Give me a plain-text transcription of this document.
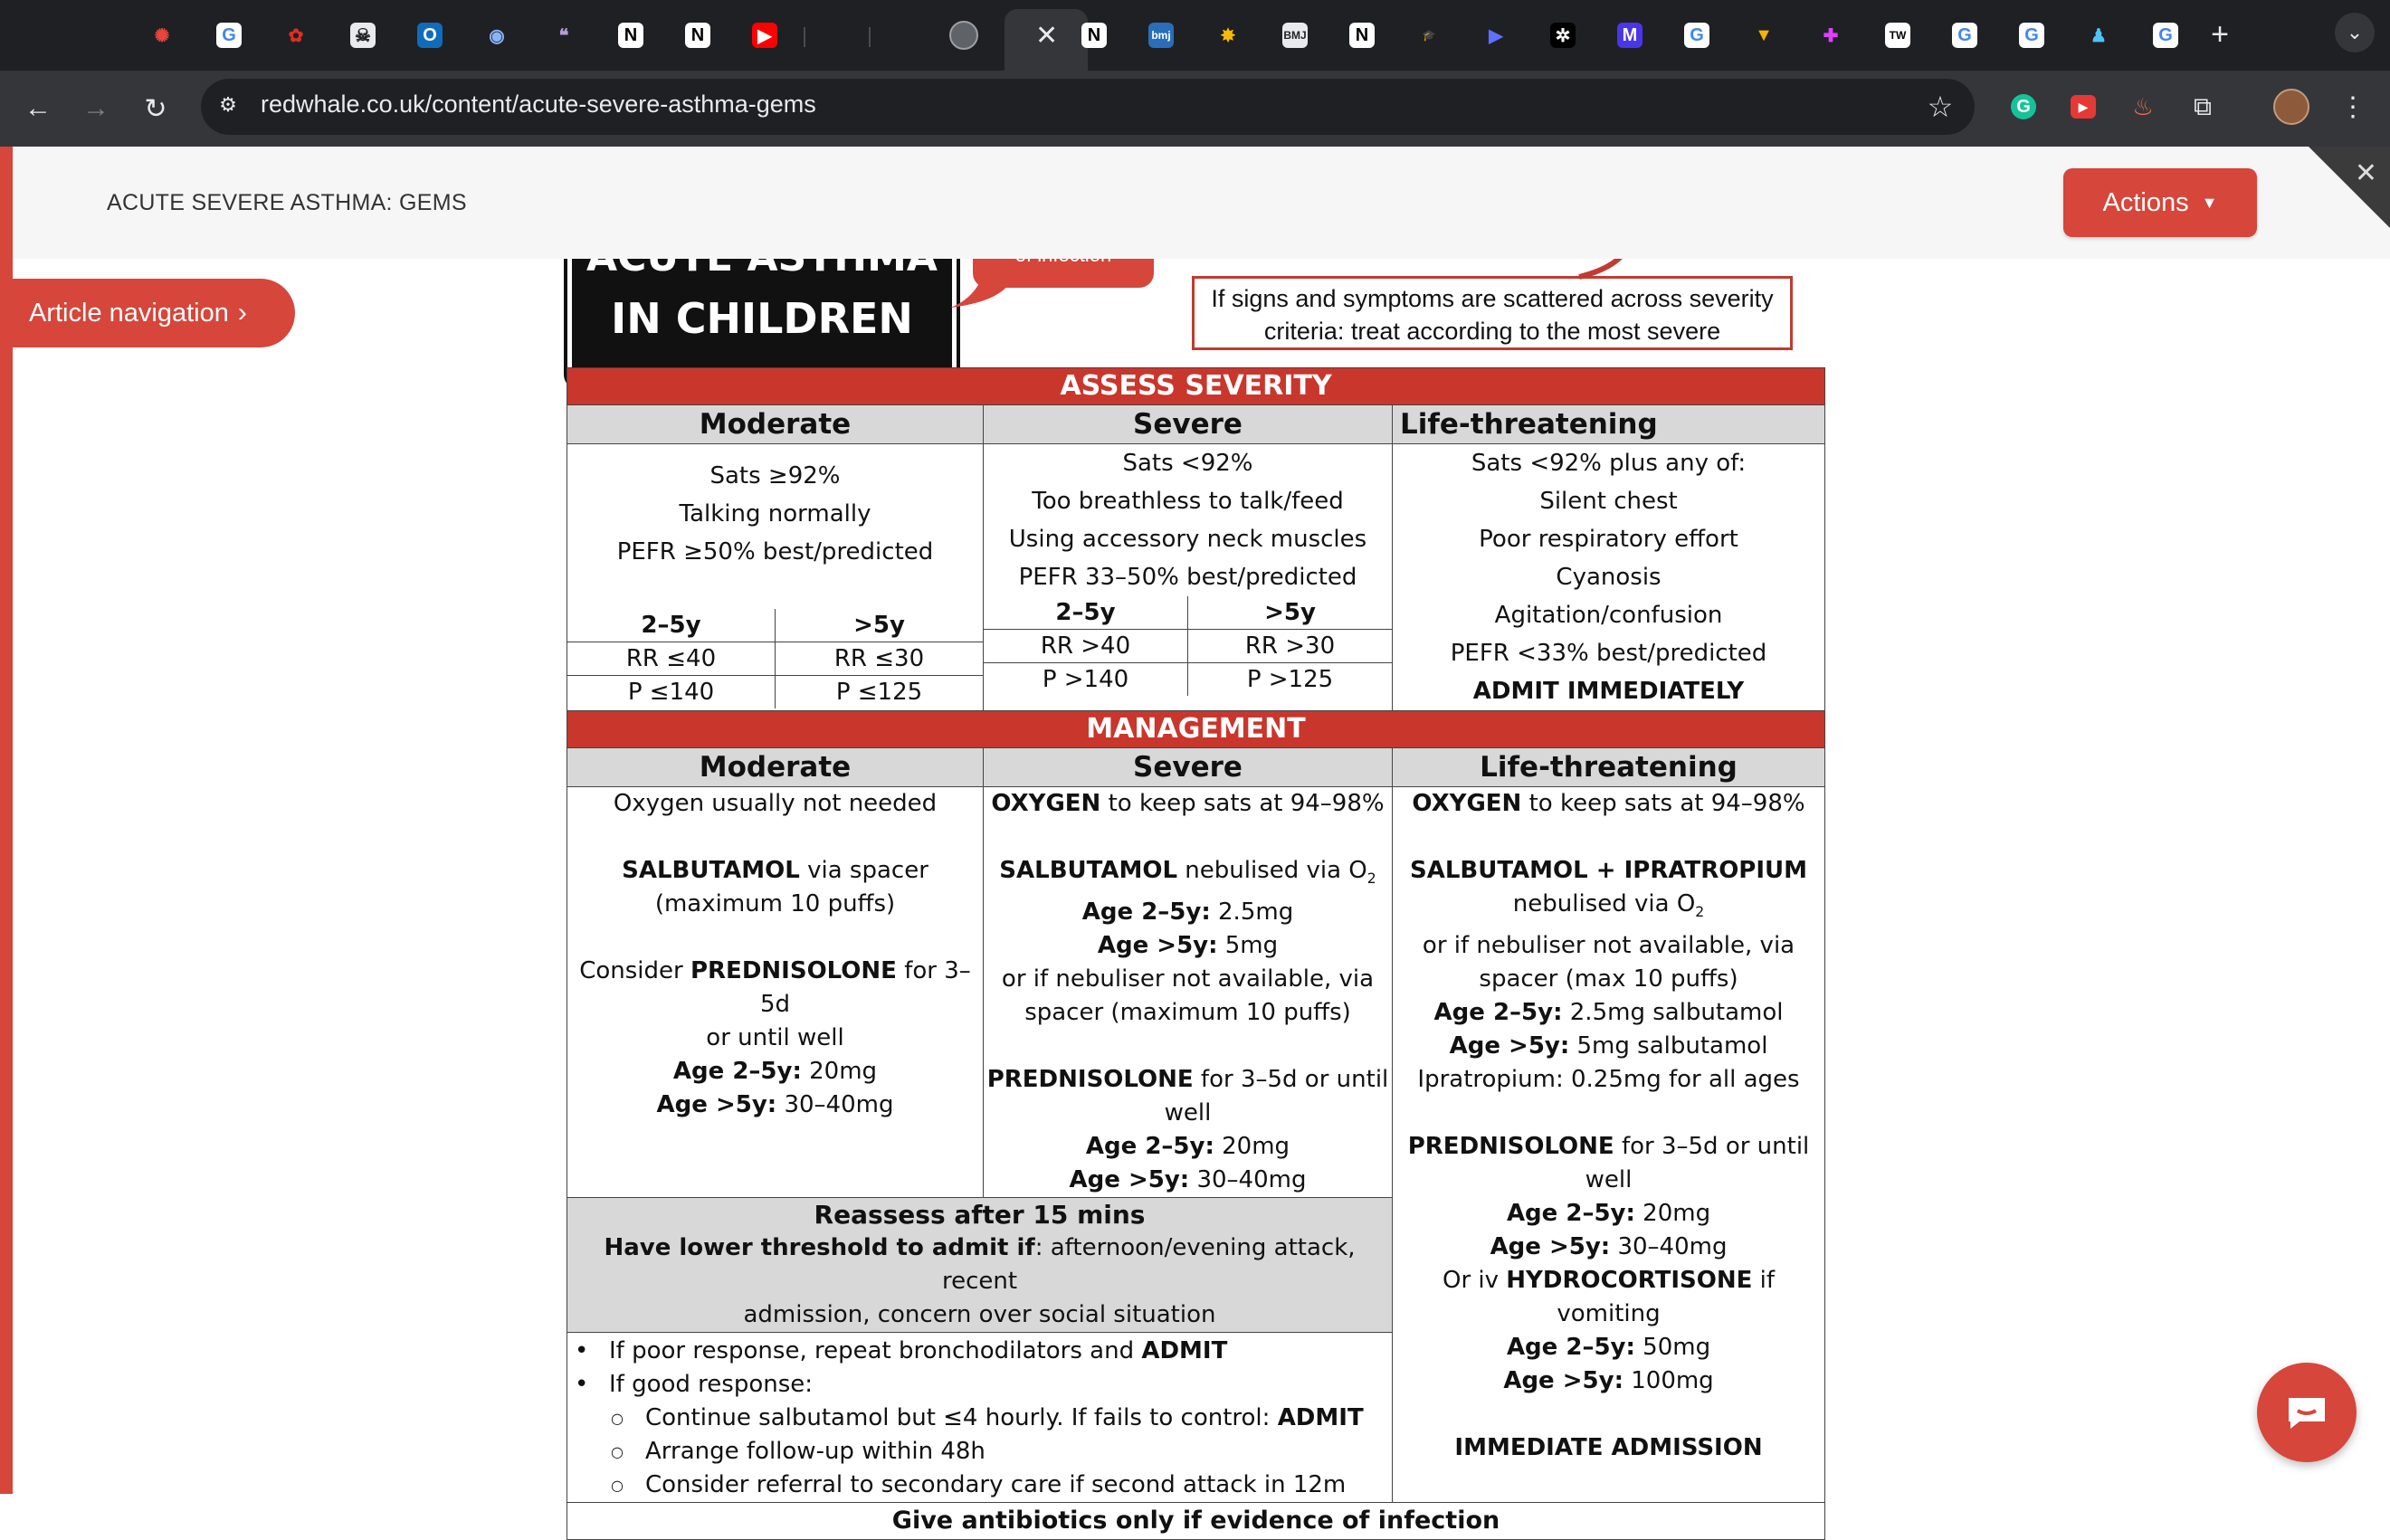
✺	G	✿	☠	O	◉	❝	N	N	▶	✕	N	bmj	✸	BMJ	N	🎓	▶	✲	M	G	▼	✚	TW	G	G	♟	G	+	⌄
←	→	↻	⚙ redwhale.co.uk/content/acute-severe-asthma-gems	☆	G	▶	♨	⧉	⋮
IN CHILDREN	If signs and symptoms are scattered across severity
criteria: treat according to the most severe
ASSESS SEVERITY
Moderate	Severe	Life-threatening

Sats ≥92%
Talking normally
PEFR ≥50% best/predicted
2–5y	>5y
RR ≤40	RR ≤30
P ≤140	P ≤125

Sats <92%
Too breathless to talk/feed
Using accessory neck muscles
PEFR 33–50% best/predicted
2–5y	>5y
RR >40	RR >30
P >140	P >125

Sats <92% plus any of:
Silent chest
Poor respiratory effort
Cyanosis
Agitation/confusion
PEFR <33% best/predicted
ADMIT IMMEDIATELY

MANAGEMENT
Moderate	Severe	Life-threatening

Oxygen usually not needed

SALBUTAMOL via spacer
(maximum 10 puffs)

Consider PREDNISOLONE for 3–5d
or until well
Age 2–5y: 20mg
Age >5y: 30–40mg

OXYGEN to keep sats at 94–98%

SALBUTAMOL nebulised via $O_2$
Age 2–5y: 2.5mg
Age >5y: 5mg
or if nebuliser not available, via
spacer (maximum 10 puffs)

PREDNISOLONE for 3–5d or until
well
Age 2–5y: 20mg
Age >5y: 30–40mg

OXYGEN to keep sats at 94–98%

SALBUTAMOL + IPRATROPIUM
nebulised via $O_2$
or if nebuliser not available, via
spacer (max 10 puffs)
Age 2–5y: 2.5mg salbutamol
Age >5y: 5mg salbutamol
Ipratropium: 0.25mg for all ages

PREDNISOLONE for 3–5d or until
well
Age 2–5y: 20mg
Age >5y: 30–40mg
Or iv HYDROCORTISONE if vomiting
Age 2–5y: 50mg
Age >5y: 100mg

IMMEDIATE ADMISSION

Reassess after 15 mins
Have lower threshold to admit if: afternoon/evening attack, recent
admission, concern over social situation

• If poor response, repeat bronchodilators and ADMIT
• If good response:
○ Continue salbutamol but ≤4 hourly. If fails to control: ADMIT
○ Arrange follow-up within 48h
○ Consider referral to secondary care if second attack in 12m

Give antibiotics only if evidence of infection
ACUTE SEVERE ASTHMA: GEMS	Actions ▼
✕
Article navigation ›
